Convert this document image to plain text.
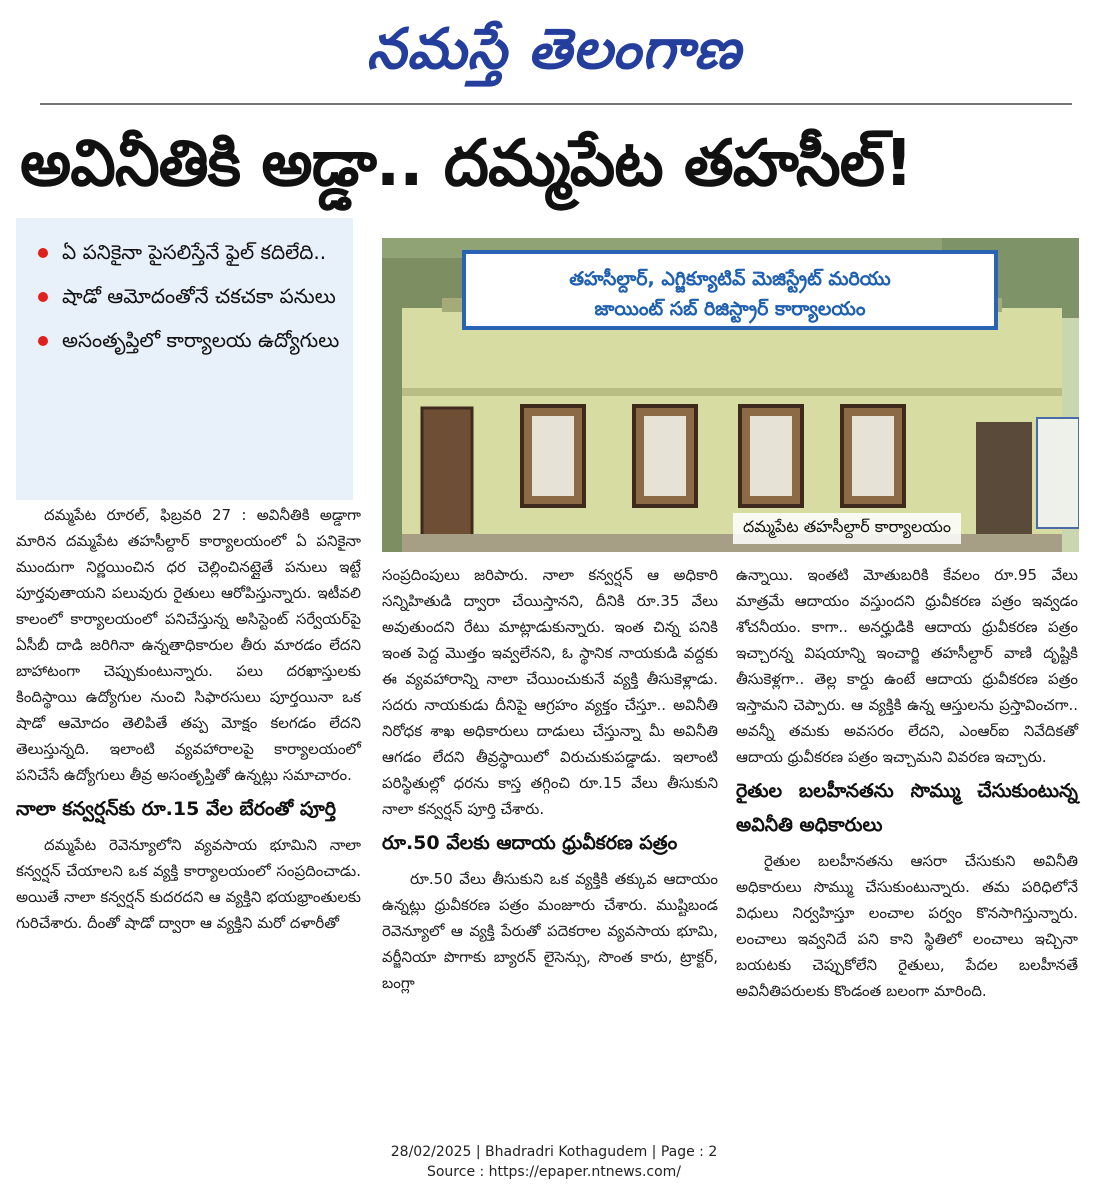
నమస్తే తెలంగాణ
అవినీతికి అడ్డా.. దమ్మపేట తహసీల్‌!
ఏ పనికైనా పైసలిస్తేనే ఫైల్‌ కదిలేది..
షాడో ఆమోదంతోనే చకచకా పనులు
అసంతృప్తిలో కార్యాలయ ఉద్యోగులు
తహసీల్దార్‌, ఎగ్జిక్యూటివ్‌ మెజిస్ట్రేట్‌ మరియు
జాయింట్‌ సబ్‌ రిజిస్ట్రార్‌ కార్యాలయం
దమ్మపేట తహసీల్దార్‌ కార్యాలయం

దమ్మపేట రూరల్‌, ఫిబ్రవరి 27 : అవినీతికి అడ్డాగా మారిన దమ్మపేట తహసీల్దార్‌ కార్యాలయంలో ఏ పనికైనా ముందుగా నిర్ణయించిన ధర చెల్లించినట్లైతే పనులు ఇట్టే పూర్తవుతాయని పలువురు రైతులు ఆరోపిస్తున్నారు. ఇటీవలి కాలంలో కార్యాలయంలో పనిచేస్తున్న అసిస్టెంట్‌ సర్వేయర్‌పై ఏసీబీ దాడి జరిగినా ఉన్నతాధికారుల తీరు మారడం లేదని బాహాటంగా చెప్పుకుంటున్నారు. పలు దరఖాస్తులకు కిందిస్థాయి ఉద్యోగుల నుంచి సిఫారసులు పూర్తయినా ఒక షాడో ఆమోదం తెలిపితే తప్ప మోక్షం కలగడం లేదని తెలుస్తున్నది. ఇలాంటి వ్యవహారాలపై కార్యాలయంలో పనిచేసే ఉద్యోగులు తీవ్ర అసంతృప్తితో ఉన్నట్లు సమాచారం.

నాలా కన్వర్షన్‌కు రూ.15 వేల బేరంతో పూర్తి

దమ్మపేట రెవెన్యూలోని వ్యవసాయ భూమిని నాలా కన్వర్షన్‌ చేయాలని ఒక వ్యక్తి కార్యాలయంలో సంప్రదించాడు. అయితే నాలా కన్వర్షన్‌ కుదరదని ఆ వ్యక్తిని భయభ్రాంతులకు గురిచేశారు. దీంతో షాడో ద్వారా ఆ వ్యక్తిని మరో దళారీతో

సంప్రదింపులు జరిపారు. నాలా కన్వర్షన్‌ ఆ అధికారి సన్నిహితుడి ద్వారా చేయిస్తానని, దీనికి రూ.35 వేలు అవుతుందని రేటు మాట్లాడుకున్నారు. ఇంత చిన్న పనికి ఇంత పెద్ద మొత్తం ఇవ్వలేనని, ఓ స్థానిక నాయకుడి వద్దకు ఈ వ్యవహారాన్ని నాలా చేయించుకునే వ్యక్తి తీసుకెళ్లాడు. సదరు నాయకుడు దీనిపై ఆగ్రహం వ్యక్తం చేస్తూ.. అవినీతి నిరోధక శాఖ అధికారులు దాడులు చేస్తున్నా మీ అవినీతి ఆగడం లేదని తీవ్రస్థాయిలో విరుచుకుపడ్డాడు. ఇలాంటి పరిస్థితుల్లో ధరను కాస్త తగ్గించి రూ.15 వేలు తీసుకుని నాలా కన్వర్షన్‌ పూర్తి చేశారు.

రూ.50 వేలకు ఆదాయ ధ్రువీకరణ పత్రం

రూ.50 వేలు తీసుకుని ఒక వ్యక్తికి తక్కువ ఆదాయం ఉన్నట్లు ధ్రువీకరణ పత్రం మంజూరు చేశారు. ముష్టిబండ రెవెన్యూలో ఆ వ్యక్తి పేరుతో పదెకరాల వ్యవసాయ భూమి, వర్జీనియా పొగాకు బ్యారన్‌ లైసెన్సు, సొంత కారు, ట్రాక్టర్‌, బంగ్లా

ఉన్నాయి. ఇంతటి మోతుబరికి కేవలం రూ.95 వేలు మాత్రమే ఆదాయం వస్తుందని ధ్రువీకరణ పత్రం ఇవ్వడం శోచనీయం. కాగా.. అనర్హుడికి ఆదాయ ధ్రువీకరణ పత్రం ఇచ్చారన్న విషయాన్ని ఇంచార్జి తహసీల్దార్‌ వాణి దృష్టికి తీసుకెళ్లగా.. తెల్ల కార్డు ఉంటే ఆదాయ ధ్రువీకరణ పత్రం ఇస్తామని చెప్పారు. ఆ వ్యక్తికి ఉన్న ఆస్తులను ప్రస్తావించగా.. అవన్నీ తమకు అవసరం లేదని, ఎంఆర్‌ఐ నివేదికతో ఆదాయ ధ్రువీకరణ పత్రం ఇచ్చామని వివరణ ఇచ్చారు.

రైతుల బలహీనతను సొమ్ము చేసుకుంటున్న అవినీతి అధికారులు

రైతుల బలహీనతను ఆసరా చేసుకుని అవినీతి అధికారులు సొమ్ము చేసుకుంటున్నారు. తమ పరిధిలోనే విధులు నిర్వహిస్తూ లంచాల పర్వం కొనసాగిస్తున్నారు. లంచాలు ఇవ్వనిదే పని కాని స్థితిలో లంచాలు ఇచ్చినా బయటకు చెప్పుకోలేని రైతులు, పేదల బలహీనతే అవినీతిపరులకు కొండంత బలంగా మారింది.

28/02/2025 | Bhadradri Kothagudem | Page : 2
Source : https://epaper.ntnews.com/
